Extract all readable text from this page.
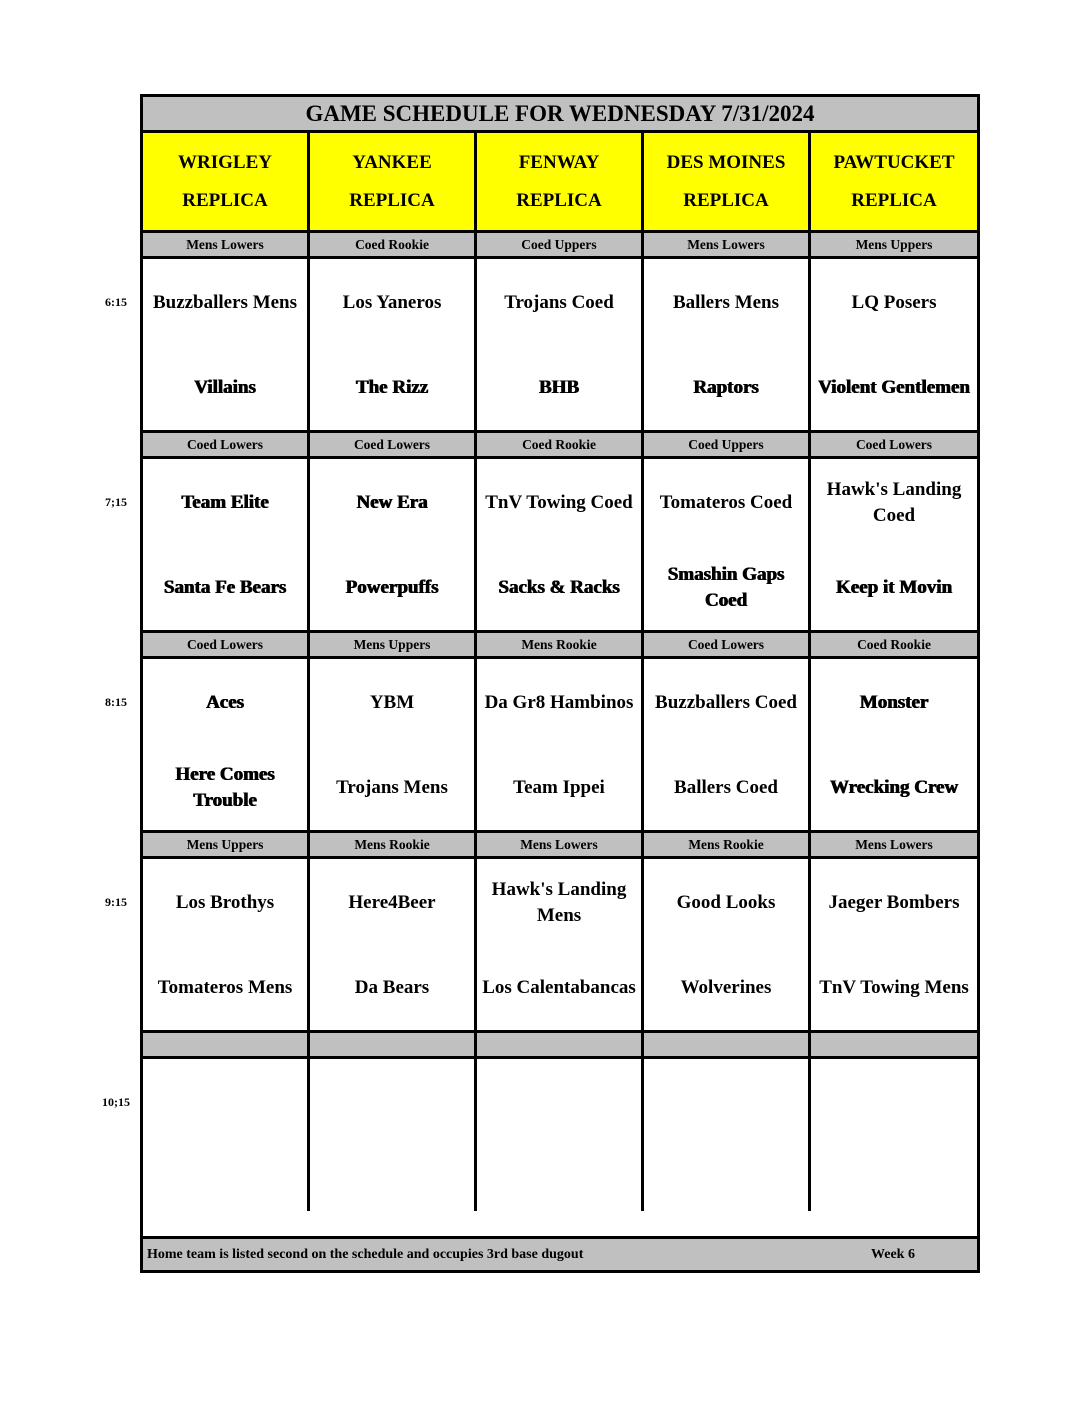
GAME SCHEDULE FOR WEDNESDAY 7/31/2024
WRIGLEY
REPLICA
YANKEE
REPLICA
FENWAY
REPLICA
DES MOINES
REPLICA
PAWTUCKET
REPLICA
Mens Lowers
Buzzballers Mens
Villains
Coed Rookie
Los Yaneros
The Rizz
Coed Uppers
Trojans Coed
BHB
Mens Lowers
Ballers Mens
Raptors
Mens Uppers
LQ Posers
Violent Gentlemen
Coed Lowers
Team Elite
Santa Fe Bears
Coed Lowers
New Era
Powerpuffs
Coed Rookie
TnV Towing Coed
Sacks & Racks
Coed Uppers
Tomateros Coed
Smashin Gaps Coed
Coed Lowers
Hawk's Landing Coed
Keep it Movin
Coed Lowers
Aces
Here Comes Trouble
Mens Uppers
YBM
Trojans Mens
Mens Rookie
Da Gr8 Hambinos
Team Ippei
Coed Lowers
Buzzballers Coed
Ballers Coed
Coed Rookie
Monster
Wrecking Crew
Mens Uppers
Los Brothys
Tomateros Mens
Mens Rookie
Here4Beer
Da Bears
Mens Lowers
Hawk's Landing Mens
Los Calentabancas
Mens Rookie
Good Looks
Wolverines
Mens Lowers
Jaeger Bombers
TnV Towing Mens
Home team is listed second on the schedule and occupies 3rd base dugout	Week 6
6:15
7;15
8:15
9:15
10;15
